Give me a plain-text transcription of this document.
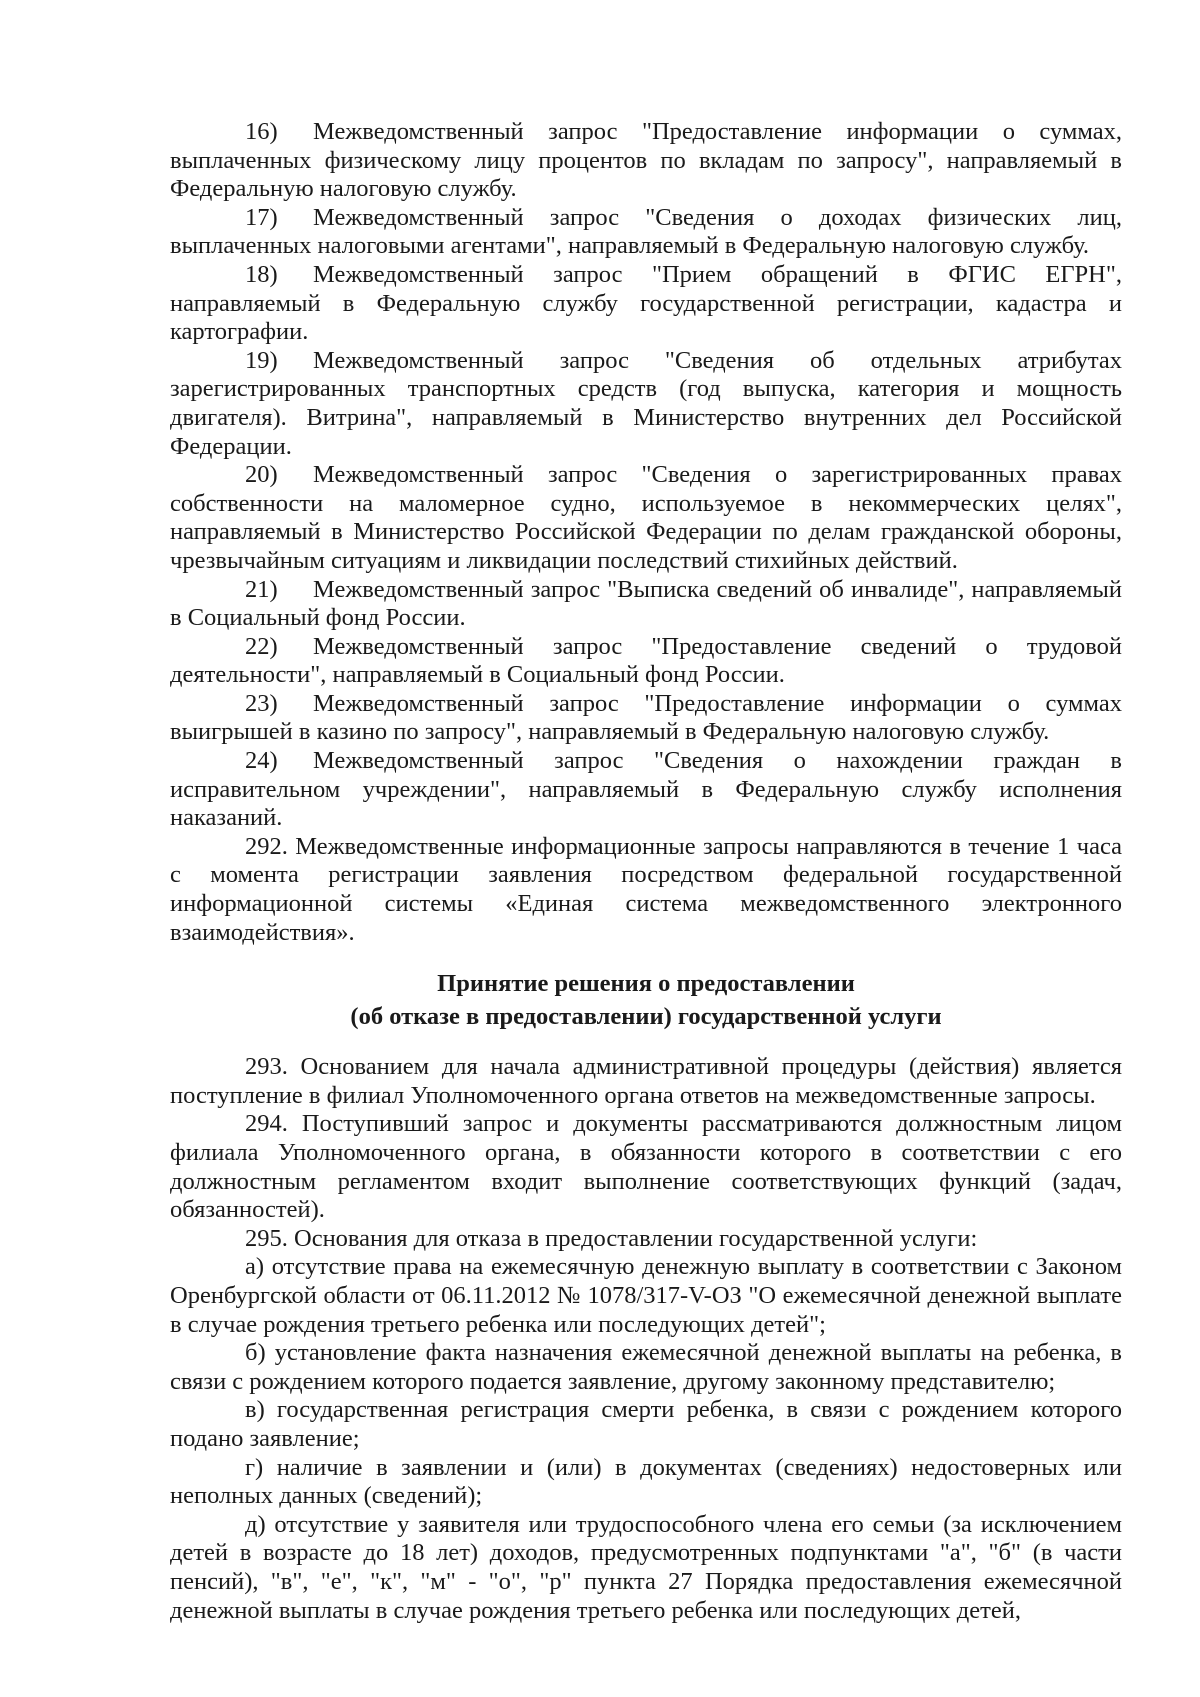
16) Межведомственный запрос "Предоставление информации о суммах, выплаченных физическому лицу процентов по вкладам по запросу", направляемый в Федеральную налоговую службу.

17) Межведомственный запрос "Сведения о доходах физических лиц, выплаченных налоговыми агентами", направляемый в Федеральную налоговую службу.

18) Межведомственный запрос "Прием обращений в ФГИС ЕГРН", направляемый в Федеральную службу государственной регистрации, кадастра и картографии.

19) Межведомственный запрос "Сведения об отдельных атрибутах зарегистрированных транспортных средств (год выпуска, категория и мощность двигателя). Витрина", направляемый в Министерство внутренних дел Российской Федерации.

20) Межведомственный запрос "Сведения о зарегистрированных правах собственности на маломерное судно, используемое в некоммерческих целях", направляемый в Министерство Российской Федерации по делам гражданской обороны, чрезвычайным ситуациям и ликвидации последствий стихийных действий.

21) Межведомственный запрос "Выписка сведений об инвалиде", направляемый в Социальный фонд России.

22) Межведомственный запрос "Предоставление сведений о трудовой деятельности", направляемый в Социальный фонд России.

23) Межведомственный запрос "Предоставление информации о суммах выигрышей в казино по запросу", направляемый в Федеральную налоговую службу.

24) Межведомственный запрос "Сведения о нахождении граждан в исправительном учреждении", направляемый в Федеральную службу исполнения наказаний.

292. Межведомственные информационные запросы направляются в течение 1 часа с момента регистрации заявления посредством федеральной государственной информационной системы «Единая система межведомственного электронного взаимодействия».

Принятие решения о предоставлении
(об отказе в предоставлении) государственной услуги

293. Основанием для начала административной процедуры (действия) является поступление в филиал Уполномоченного органа ответов на межведомственные запросы.

294. Поступивший запрос и документы рассматриваются должностным лицом филиала Уполномоченного органа, в обязанности которого в соответствии с его должностным регламентом входит выполнение соответствующих функций (задач, обязанностей).

295. Основания для отказа в предоставлении государственной услуги:

а) отсутствие права на ежемесячную денежную выплату в соответствии с Законом Оренбургской области от 06.11.2012 № 1078/317-V-ОЗ "О ежемесячной денежной выплате в случае рождения третьего ребенка или последующих детей";

б) установление факта назначения ежемесячной денежной выплаты на ребенка, в связи с рождением которого подается заявление, другому законному представителю;

в) государственная регистрация смерти ребенка, в связи с рождением которого подано заявление;

г) наличие в заявлении и (или) в документах (сведениях) недостоверных или неполных данных (сведений);

д) отсутствие у заявителя или трудоспособного члена его семьи (за исключением детей в возрасте до 18 лет) доходов, предусмотренных подпунктами "а", "б" (в части пенсий), "в", "е", "к", "м" - "о", "р" пункта 27 Порядка предоставления ежемесячной денежной выплаты в случае рождения третьего ребенка или последующих детей,
